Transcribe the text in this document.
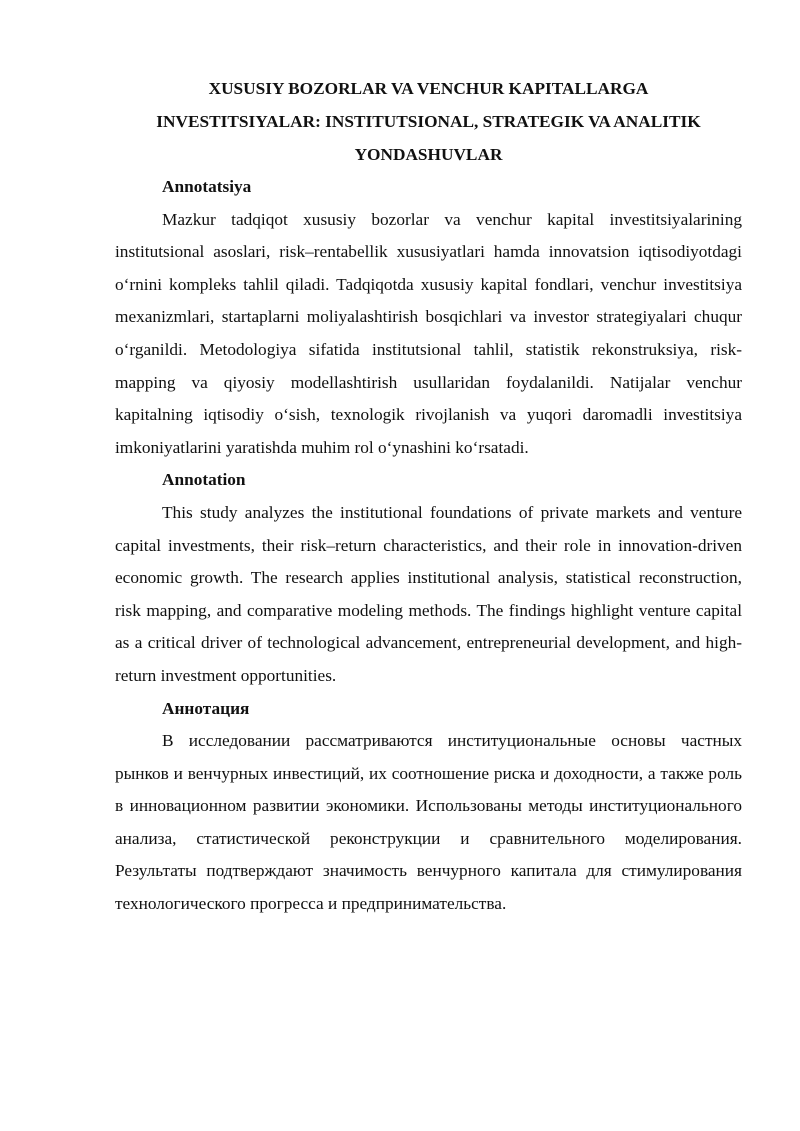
XUSUSIY BOZORLAR VA VENCHUR KAPITALLARGA
INVESTITSIYALAR: INSTITUTSIONAL, STRATEGIK VA ANALITIK
YONDASHUVLAR

Annotatsiya

Mazkur tadqiqot xususiy bozorlar va venchur kapital investitsiyalarining institutsional asoslari, risk–rentabellik xususiyatlari hamda innovatsion iqtisodiyotdagi o‘rnini kompleks tahlil qiladi. Tadqiqotda xususiy kapital fondlari, venchur investitsiya mexanizmlari, startaplarni moliyalashtirish bosqichlari va investor strategiyalari chuqur o‘rganildi. Metodologiya sifatida institutsional tahlil, statistik rekonstruksiya, risk-mapping va qiyosiy modellashtirish usullaridan foydalanildi. Natijalar venchur kapitalning iqtisodiy o‘sish, texnologik rivojlanish va yuqori daromadli investitsiya imkoniyatlarini yaratishda muhim rol o‘ynashini ko‘rsatadi.

Annotation

This study analyzes the institutional foundations of private markets and venture capital investments, their risk–return characteristics, and their role in innovation-driven economic growth. The research applies institutional analysis, statistical reconstruction, risk mapping, and comparative modeling methods. The findings highlight venture capital as a critical driver of technological advancement, entrepreneurial development, and high-return investment opportunities.

Аннотация

В исследовании рассматриваются институциональные основы частных рынков и венчурных инвестиций, их соотношение риска и доходности, а также роль в инновационном развитии экономики. Использованы методы институционального анализа, статистической реконструкции и сравнительного моделирования. Результаты подтверждают значимость венчурного капитала для стимулирования технологического прогресса и предпринимательства.
